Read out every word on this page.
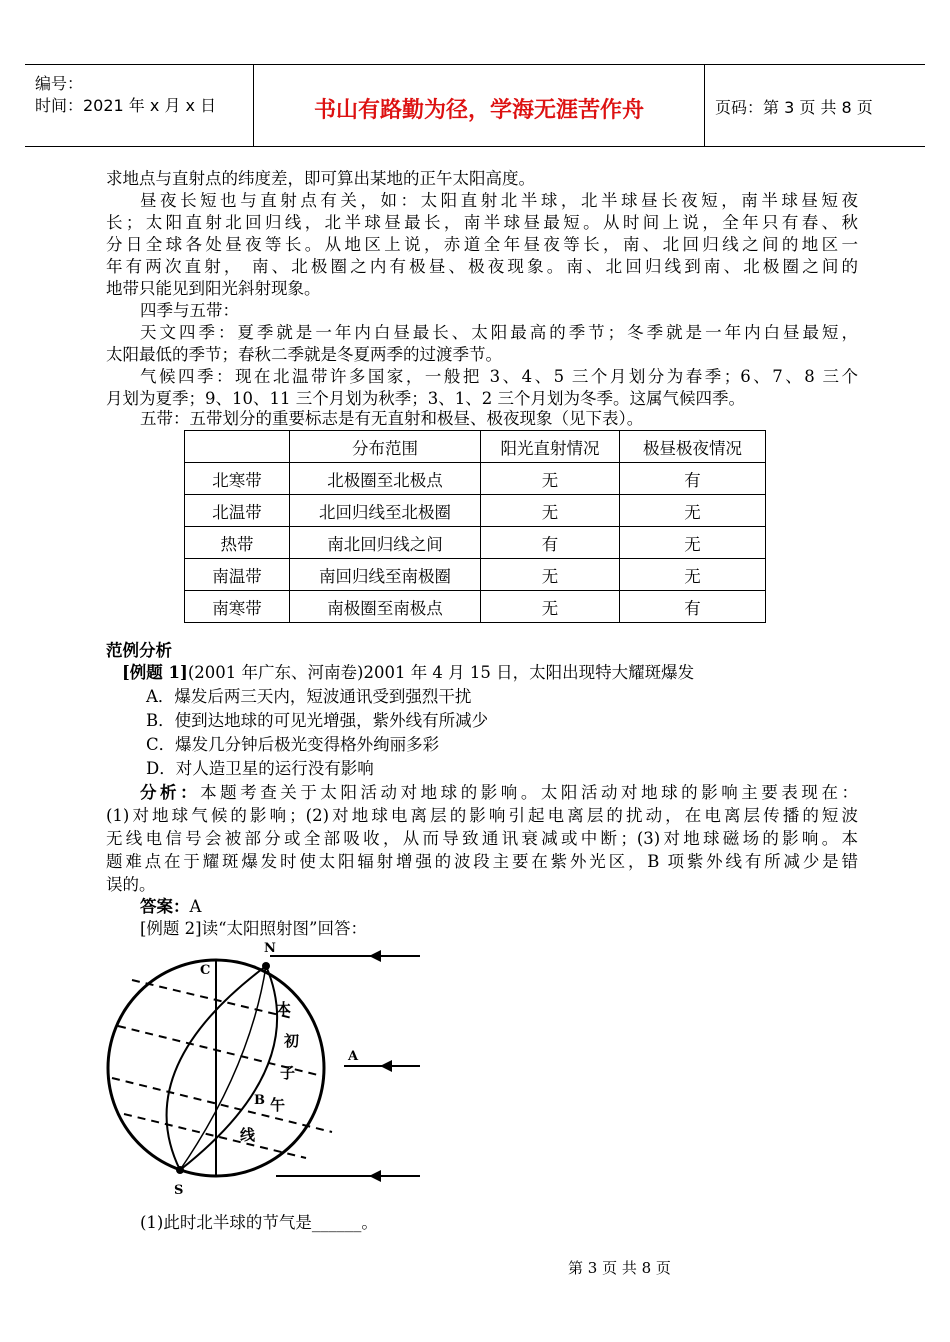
编号：
时间：2021 年 x 月 x 日	书山有路勤为径，学海无涯苦作舟	页码：第 3 页 共 8 页
求地点与直射点的纬度差，即可算出某地的正午太阳高度。
昼夜长短也与直射点有关，如：太阳直射北半球，北半球昼长夜短，南半球昼短夜
长；太阳直射北回归线，北半球昼最长，南半球昼最短。从时间上说，全年只有春、秋
分日全球各处昼夜等长。从地区上说，赤道全年昼夜等长，南、北回归线之间的地区一
年有两次直射， 南、北极圈之内有极昼、极夜现象。南、北回归线到南、北极圈之间的
地带只能见到阳光斜射现象。
四季与五带：
天文四季：夏季就是一年内白昼最长、太阳最高的季节；冬季就是一年内白昼最短，
太阳最低的季节；春秋二季就是冬夏两季的过渡季节。
气候四季：现在北温带许多国家，一般把 3、4、5 三个月划分为春季；6、7、8 三个
月划为夏季；9、10、11 三个月划为秋季；3、1、2 三个月划为冬季。这属气候四季。
五带：五带划分的重要标志是有无直射和极昼、极夜现象（见下表）。
	分布范围	阳光直射情况	极昼极夜情况
北寒带	北极圈至北极点	无	有
北温带	北回归线至北极圈	无	无
热带	南北回归线之间	有	无
南温带	南回归线至南极圈	无	无
南寒带	南极圈至南极点	无	有
范例分析
[例题 1](2001 年广东、河南卷)2001 年 4 月 15 日，太阳出现特大耀斑爆发
A．爆发后两三天内，短波通讯受到强烈干扰
B．使到达地球的可见光增强，紫外线有所减少
C．爆发几分钟后极光变得格外绚丽多彩
D．对人造卫星的运行没有影响
分析：本题考查关于太阳活动对地球的影响。太阳活动对地球的影响主要表现在：
(1)对地球气候的影响；(2)对地球电离层的影响引起电离层的扰动，在电离层传播的短波
无线电信号会被部分或全部吸收，从而导致通讯衰减或中断；(3)对地球磁场的影响。本
题难点在于耀斑爆发时使太阳辐射增强的波段主要在紫外光区，B 项紫外线有所减少是错
误的。
答案：A
[例题 2]读“太阳照射图”回答：
N
C
A
B
S
本
初
子
午
线
(1)此时北半球的节气是______。
第 3 页 共 8 页
